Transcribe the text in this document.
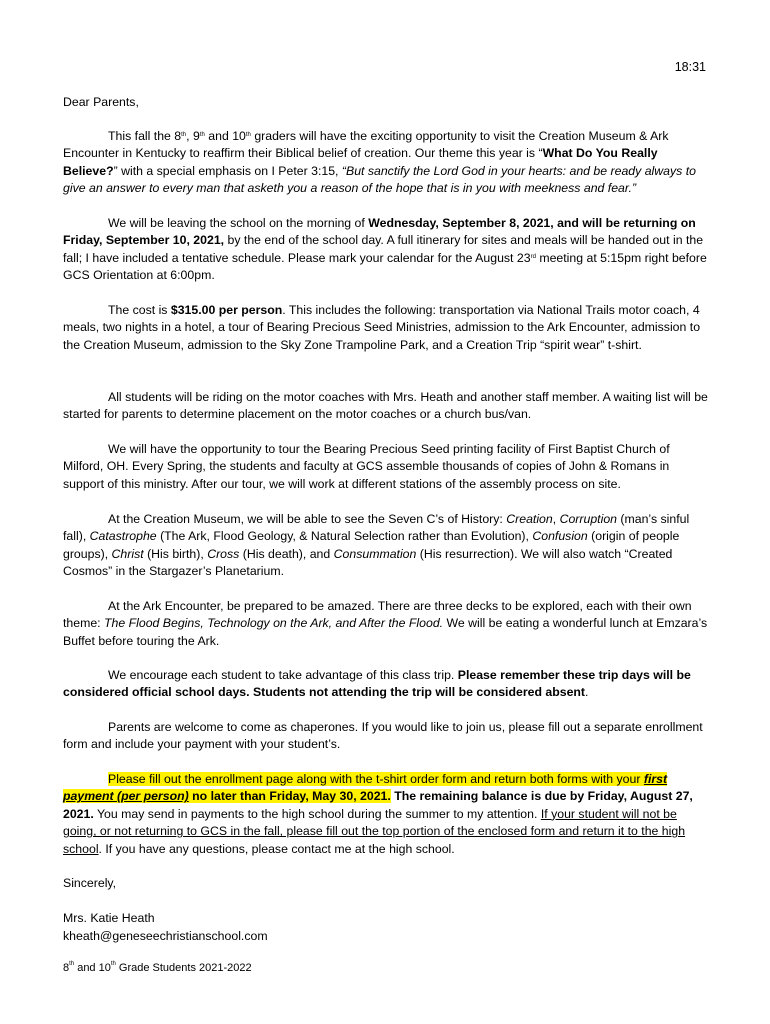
18:31
Dear Parents,
This fall the 8th, 9th and 10th graders will have the exciting opportunity to visit the Creation Museum & Ark Encounter in Kentucky to reaffirm their Biblical belief of creation. Our theme this year is “What Do You Really Believe?” with a special emphasis on I Peter 3:15, “But sanctify the Lord God in your hearts: and be ready always to give an answer to every man that asketh you a reason of the hope that is in you with meekness and fear.”
We will be leaving the school on the morning of Wednesday, September 8, 2021, and will be returning on Friday, September 10, 2021, by the end of the school day. A full itinerary for sites and meals will be handed out in the fall; I have included a tentative schedule. Please mark your calendar for the August 23rd meeting at 5:15pm right before GCS Orientation at 6:00pm.
The cost is $315.00 per person. This includes the following: transportation via National Trails motor coach, 4 meals, two nights in a hotel, a tour of Bearing Precious Seed Ministries, admission to the Ark Encounter, admission to the Creation Museum, admission to the Sky Zone Trampoline Park, and a Creation Trip “spirit wear” t-shirt.
All students will be riding on the motor coaches with Mrs. Heath and another staff member. A waiting list will be started for parents to determine placement on the motor coaches or a church bus/van.
We will have the opportunity to tour the Bearing Precious Seed printing facility of First Baptist Church of Milford, OH. Every Spring, the students and faculty at GCS assemble thousands of copies of John & Romans in support of this ministry. After our tour, we will work at different stations of the assembly process on site.
At the Creation Museum, we will be able to see the Seven C’s of History: Creation, Corruption (man’s sinful fall), Catastrophe (The Ark, Flood Geology, & Natural Selection rather than Evolution), Confusion (origin of people groups), Christ (His birth), Cross (His death), and Consummation (His resurrection). We will also watch “Created Cosmos” in the Stargazer’s Planetarium.
At the Ark Encounter, be prepared to be amazed. There are three decks to be explored, each with their own theme: The Flood Begins, Technology on the Ark, and After the Flood. We will be eating a wonderful lunch at Emzara’s Buffet before touring the Ark.
We encourage each student to take advantage of this class trip. Please remember these trip days will be considered official school days. Students not attending the trip will be considered absent.
Parents are welcome to come as chaperones. If you would like to join us, please fill out a separate enrollment form and include your payment with your student’s.
Please fill out the enrollment page along with the t-shirt order form and return both forms with your first payment (per person) no later than Friday, May 30, 2021. The remaining balance is due by Friday, August 27, 2021. You may send in payments to the high school during the summer to my attention. If your student will not be going, or not returning to GCS in the fall, please fill out the top portion of the enclosed form and return it to the high school. If you have any questions, please contact me at the high school.
Sincerely,
Mrs. Katie Heath
kheath@geneseechristianschool.com
8th and 10th Grade Students 2021-2022
